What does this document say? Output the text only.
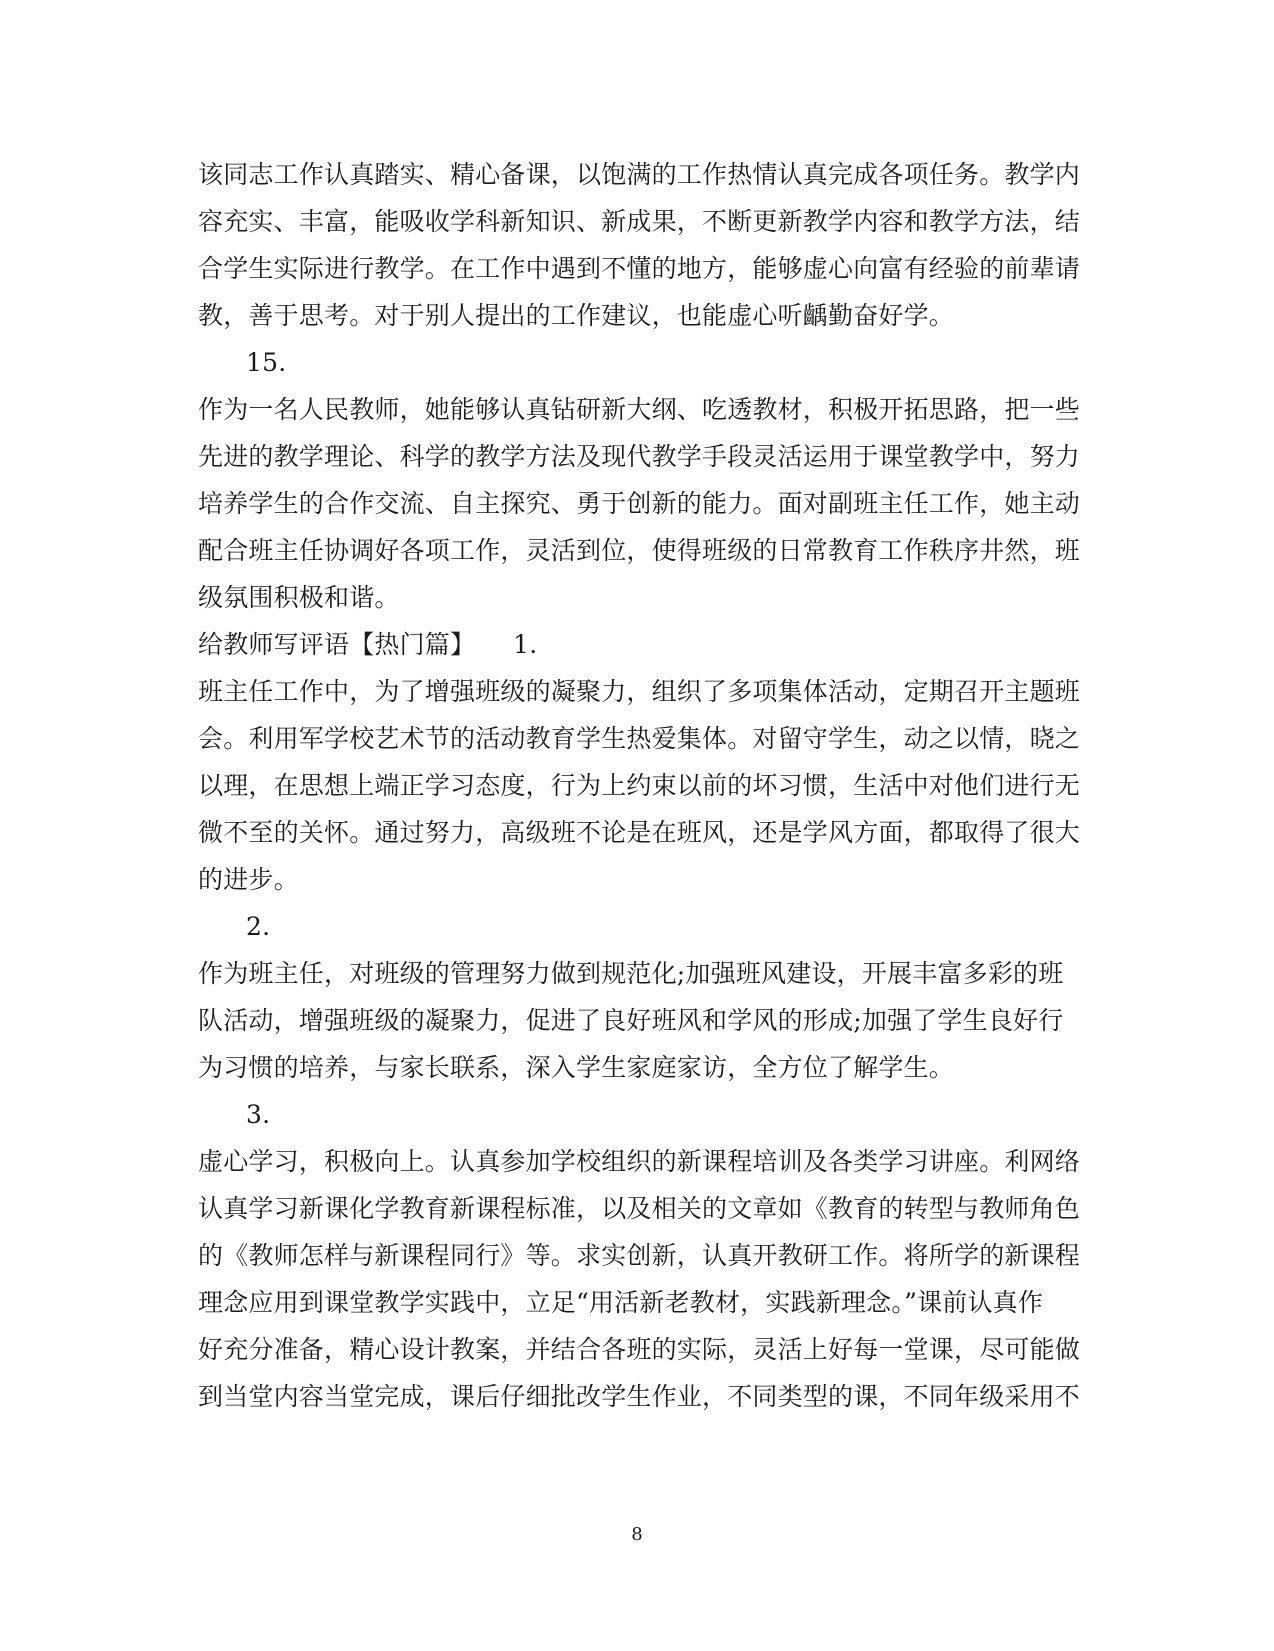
该同志工作认真踏实、精心备课，以饱满的工作热情认真完成各项任务。教学内
容充实、丰富，能吸收学科新知识、新成果，不断更新教学内容和教学方法，结
合学生实际进行教学。在工作中遇到不懂的地方，能够虚心向富有经验的前辈请
教，善于思考。对于别人提出的工作建议，也能虚心听齲勤奋好学。
15.
作为一名人民教师，她能够认真钻研新大纲、吃透教材，积极开拓思路，把一些
先进的教学理论、科学的教学方法及现代教学手段灵活运用于课堂教学中，努力
培养学生的合作交流、自主探究、勇于创新的能力。面对副班主任工作，她主动
配合班主任协调好各项工作，灵活到位，使得班级的日常教育工作秩序井然，班
级氛围积极和谐。
给教师写评语【热门篇】　　1.
班主任工作中，为了增强班级的凝聚力，组织了多项集体活动，定期召开主题班
会。利用军学校艺术节的活动教育学生热爱集体。对留守学生，动之以情，晓之
以理，在思想上端正学习态度，行为上约束以前的坏习惯，生活中对他们进行无
微不至的关怀。通过努力，高级班不论是在班风，还是学风方面，都取得了很大
的进步。
2.
作为班主任，对班级的管理努力做到规范化;加强班风建设，开展丰富多彩的班
队活动，增强班级的凝聚力，促进了良好班风和学风的形成;加强了学生良好行
为习惯的培养，与家长联系，深入学生家庭家访，全方位了解学生。
3.
虚心学习，积极向上。认真参加学校组织的新课程培训及各类学习讲座。利网络
认真学习新课化学教育新课程标准，以及相关的文章如《教育的转型与教师角色
的《教师怎样与新课程同行》等。求实创新，认真开教研工作。将所学的新课程
理念应用到课堂教学实践中，立足“用活新老教材，实践新理念。”课前认真作
好充分准备，精心设计教案，并结合各班的实际，灵活上好每一堂课，尽可能做
到当堂内容当堂完成，课后仔细批改学生作业，不同类型的课，不同年级采用不
8
